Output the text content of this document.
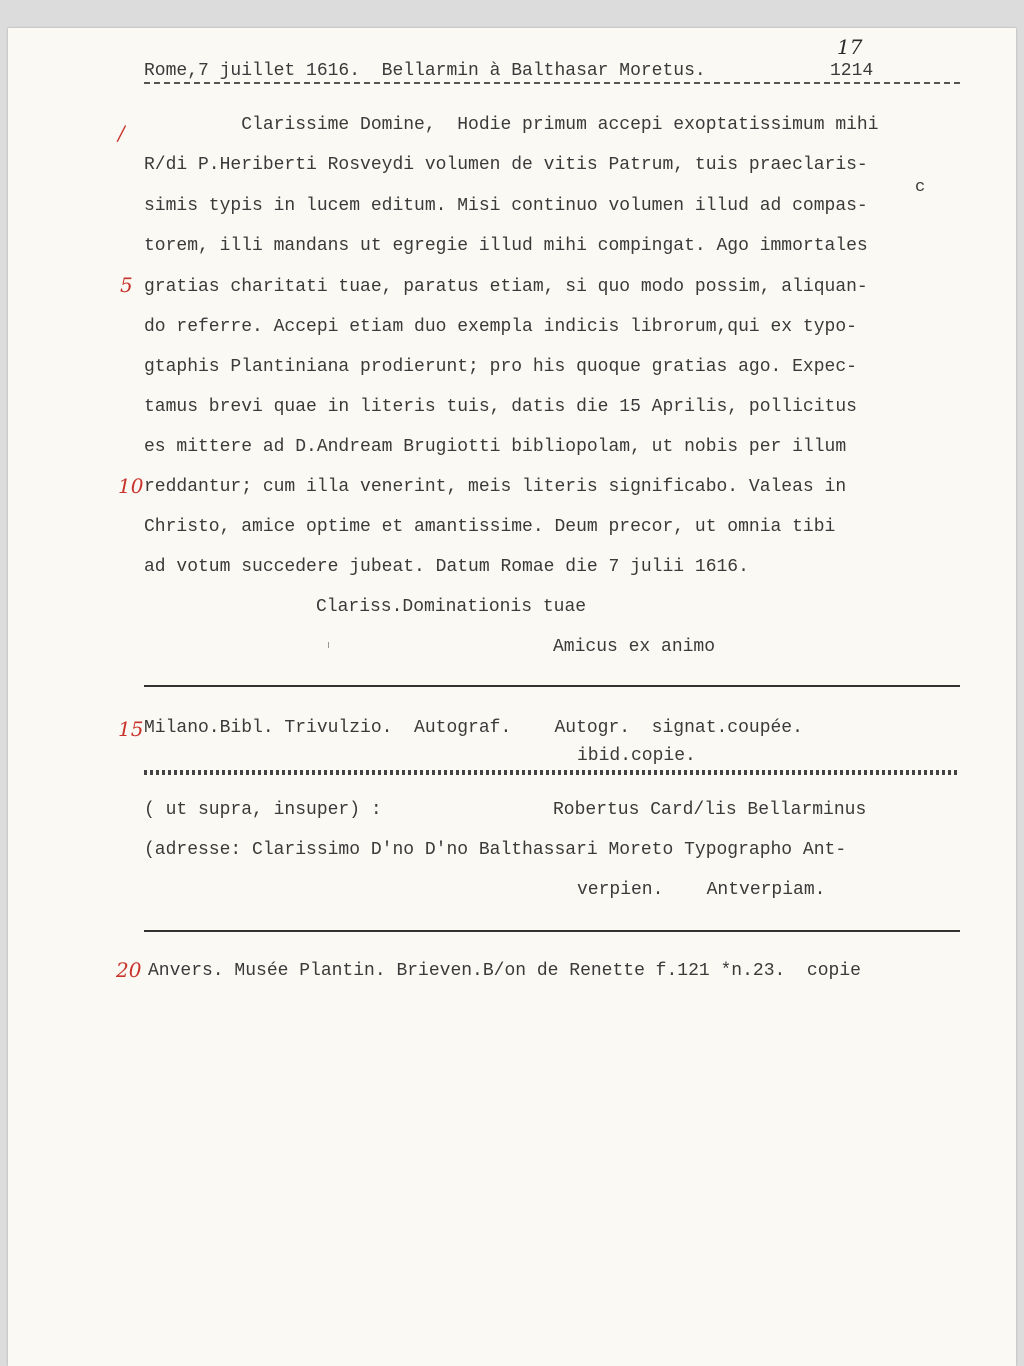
Rome,7 juillet 1616.  Bellarmin à Balthasar Moretus.	1214
17
/
5
10
15
20
Clarissime Domine,  Hodie primum accepi exoptatissimum mihi
R/di P.Heriberti Rosveydi volumen de vitis Patrum, tuis praeclaris-
c
simis typis in lucem editum. Misi continuo volumen illud ad compas-
torem, illi mandans ut egregie illud mihi compingat. Ago immortales
gratias charitati tuae, paratus etiam, si quo modo possim, aliquan-
do referre. Accepi etiam duo exempla indicis librorum,qui ex typo-
gtaphis Plantiniana prodierunt; pro his quoque gratias ago. Expec-
tamus brevi quae in literis tuis, datis die 15 Aprilis, pollicitus
es mittere ad D.Andream Brugiotti bibliopolam, ut nobis per illum
reddantur; cum illa venerint, meis literis significabo. Valeas in
Christo, amice optime et amantissime. Deum precor, ut omnia tibi
ad votum succedere jubeat. Datum Romae die 7 julii 1616.
Clariss.Dominationis tuae
Amicus ex animo
Milano.Bibl. Trivulzio.  Autograf.    Autogr.  signat.coupée.
ibid.copie.
( ut supra, insuper) :	Robertus Card/lis Bellarminus
(adresse: Clarissimo D'no D'no Balthassari Moreto Typographo Ant-
verpien.    Antverpiam.
Anvers. Musée Plantin. Brieven.B/on de Renette f.121 *n.23.  copie
